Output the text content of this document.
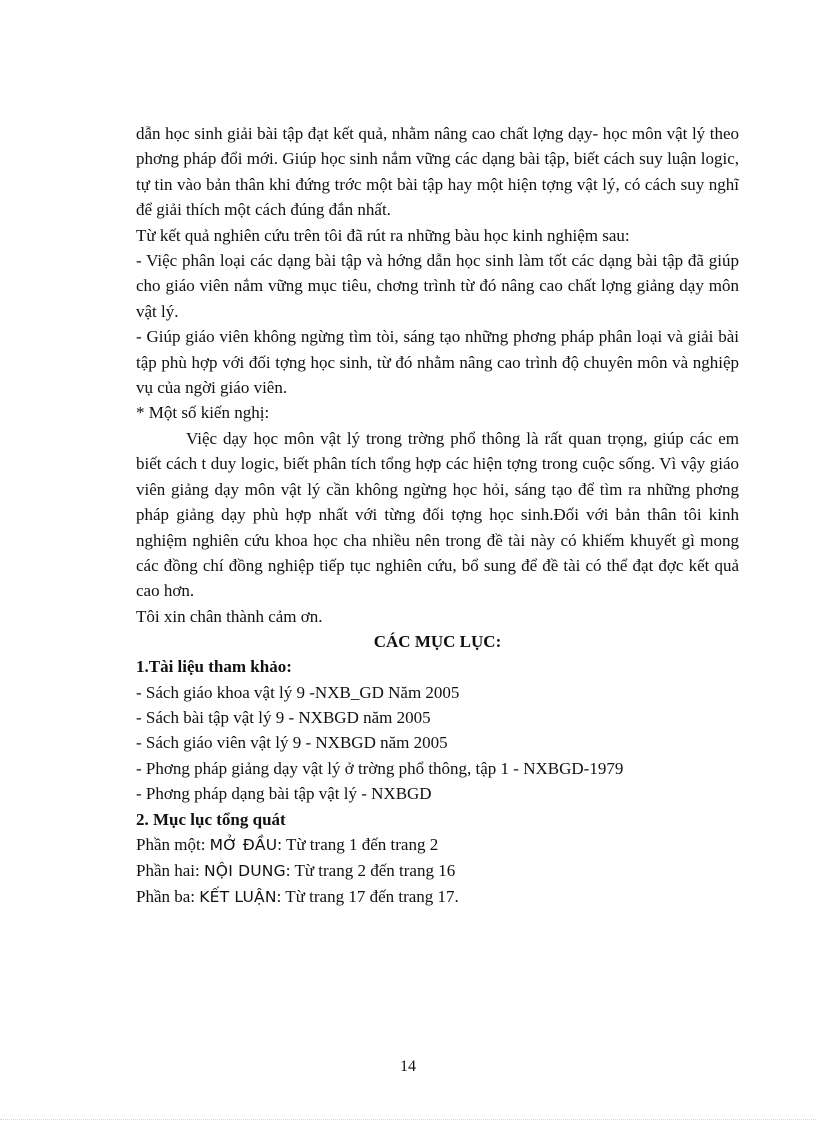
dẫn học sinh giải bài tập đạt kết quả, nhằm nâng cao chất lợng dạy- học môn vật lý theo phơng pháp đổi mới. Giúp học sinh nắm vững các dạng bài tập, biết cách suy luận logic, tự tin vào bản thân khi đứng trớc một bài tập hay một hiện tợng vật lý, có cách suy nghĩ để giải thích một cách đúng đắn nhất.

Từ kết quả nghiên cứu trên tôi đã rút ra những bàu học kinh nghiệm sau:

- Việc phân loại các dạng bài tập và hớng dẫn học sinh làm tốt các dạng bài tập đã giúp cho giáo viên nắm vững mục tiêu, chơng trình từ đó nâng cao chất lợng giảng dạy môn vật lý.

- Giúp giáo viên không ngừng tìm tòi, sáng tạo những phơng pháp phân loại và giải bài tập phù hợp với đối tợng học sinh, từ đó nhằm nâng cao trình độ chuyên môn và nghiệp vụ của ngời giáo viên.

* Một số kiến nghị:

Việc dạy học môn vật lý trong trờng phổ thông là rất quan trọng, giúp các em biết cách t duy logic, biết phân tích tổng hợp các hiện tợng trong cuộc sống. Vì vậy giáo viên giảng dạy môn vật lý cần không ngừng học hỏi, sáng tạo để tìm ra những phơng pháp giảng dạy phù hợp nhất với từng đối tợng học sinh.Đối với bản thân tôi kinh nghiệm nghiên cứu khoa học cha nhiều nên trong đề tài này có khiếm khuyết gì mong các đồng chí đồng nghiệp tiếp tục nghiên cứu, bổ sung để đề tài có thể đạt đợc kết quả cao hơn.

Tôi xin chân thành cảm ơn.

CÁC MỤC LỤC:

1.Tài liệu tham khảo:

- Sách giáo khoa vật lý 9 -NXB_GD Năm 2005

- Sách bài tập vật lý 9 - NXBGD năm 2005

- Sách giáo viên vật lý 9 - NXBGD năm 2005

- Phơng pháp giảng dạy vật lý ở trờng phổ thông, tập 1 - NXBGD-1979

- Phơng pháp dạng bài tập vật lý - NXBGD

2. Mục lục tổng quát

Phần một: MỞ ĐẦU: Từ trang 1 đến trang 2

Phần hai: NỘI DUNG: Từ trang 2 đến trang 16

Phần ba: KẾT LUẬN: Từ trang 17 đến trang 17.

14
